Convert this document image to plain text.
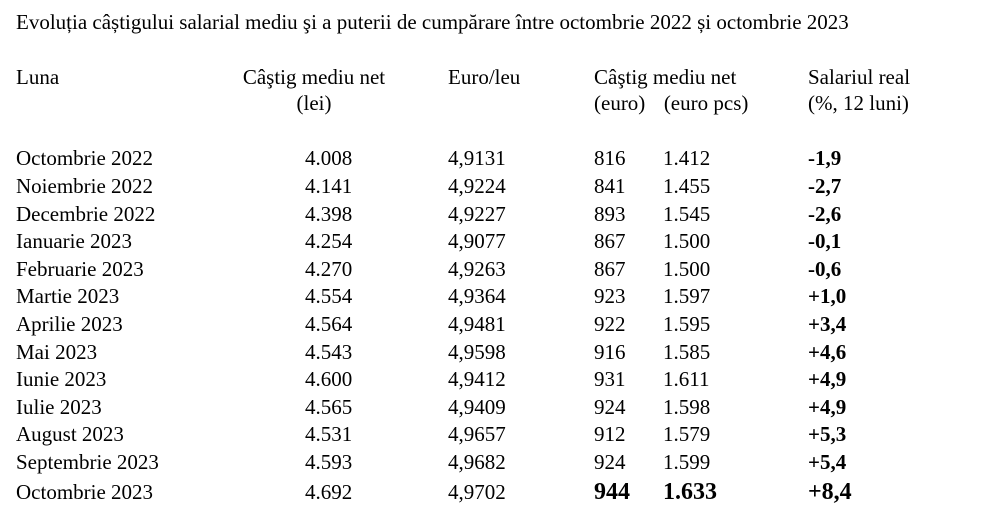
Evoluția câștigului salarial mediu şi a puterii de cumpărare între octombrie 2022 și octombrie 2023
Luna	Câştig mediu net
(lei)
Euro/leu	Câştig mediu net
(euro) (euro pcs)
Salariul real
(%, 12 luni)
Octombrie 2022	4.008	4,9131	816 1.412	-1,9
Noiembrie 2022	4.141	4,9224	841 1.455	-2,7
Decembrie 2022	4.398	4,9227	893 1.545	-2,6
Ianuarie 2023	4.254	4,9077	867 1.500	-0,1
Februarie 2023	4.270	4,9263	867 1.500	-0,6
Martie 2023	4.554	4,9364	923 1.597	+1,0
Aprilie 2023	4.564	4,9481	922 1.595	+3,4
Mai 2023	4.543	4,9598	916 1.585	+4,6
Iunie 2023	4.600	4,9412	931 1.611	+4,9
Iulie 2023	4.565	4,9409	924 1.598	+4,9
August 2023	4.531	4,9657	912 1.579	+5,3
Septembrie 2023	4.593	4,9682	924 1.599	+5,4
Octombrie 2023	4.692	4,9702	944 1.633	+8,4
